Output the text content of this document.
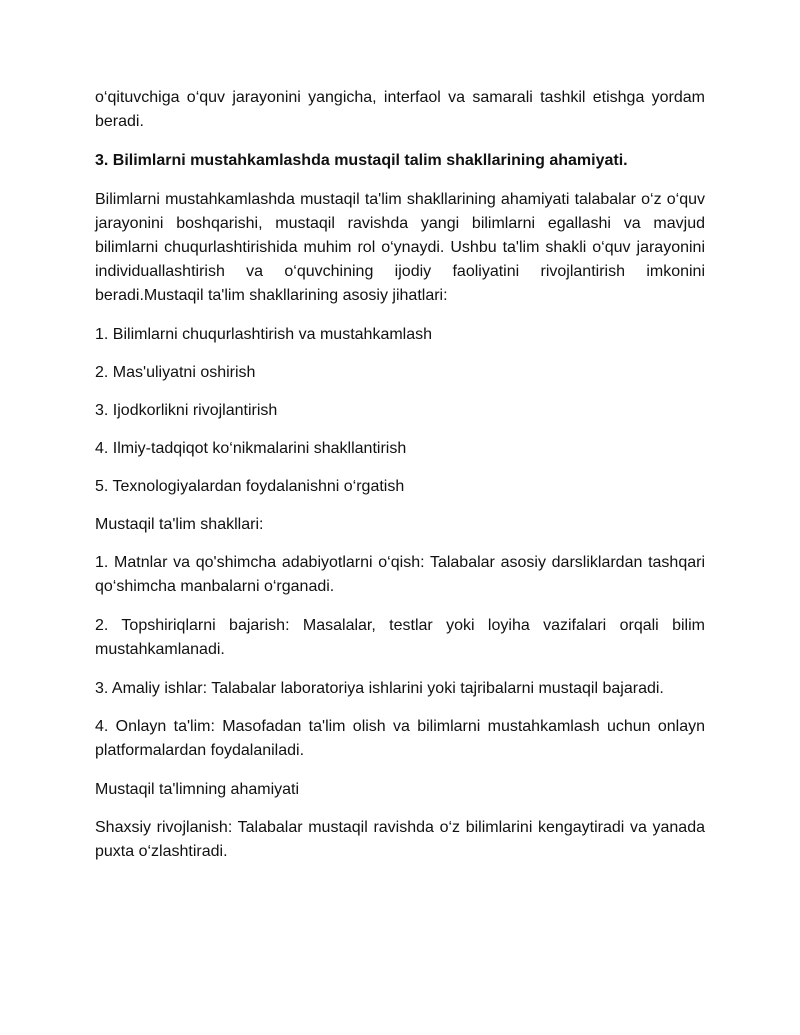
o‘qituvchiga o‘quv jarayonini yangicha, interfaol va samarali tashkil etishga yordam beradi.

3. Bilimlarni mustahkamlashda mustaqil talim shakllarining ahamiyati.

Bilimlarni mustahkamlashda mustaqil ta'lim shakllarining ahamiyati talabalar o‘z o‘quv jarayonini boshqarishi, mustaqil ravishda yangi bilimlarni egallashi va mavjud bilimlarni chuqurlashtirishida muhim rol o‘ynaydi. Ushbu ta'lim shakli o‘quv jarayonini individuallashtirish va o‘quvchining ijodiy faoliyatini rivojlantirish imkonini beradi.Mustaqil ta'lim shakllarining asosiy jihatlari:

1. Bilimlarni chuqurlashtirish va mustahkamlash

2. Mas'uliyatni oshirish

3. Ijodkorlikni rivojlantirish

4. Ilmiy-tadqiqot ko‘nikmalarini shakllantirish

5. Texnologiyalardan foydalanishni o‘rgatish

Mustaqil ta'lim shakllari:

1. Matnlar va qo'shimcha adabiyotlarni o‘qish: Talabalar asosiy darsliklardan tashqari qo‘shimcha manbalarni o‘rganadi.

2. Topshiriqlarni bajarish: Masalalar, testlar yoki loyiha vazifalari orqali bilim mustahkamlanadi.

3. Amaliy ishlar: Talabalar laboratoriya ishlarini yoki tajribalarni mustaqil bajaradi.

4. Onlayn ta'lim: Masofadan ta'lim olish va bilimlarni mustahkamlash uchun onlayn platformalardan foydalaniladi.

Mustaqil ta'limning ahamiyati

Shaxsiy rivojlanish: Talabalar mustaqil ravishda o‘z bilimlarini kengaytiradi va yanada puxta o‘zlashtiradi.
